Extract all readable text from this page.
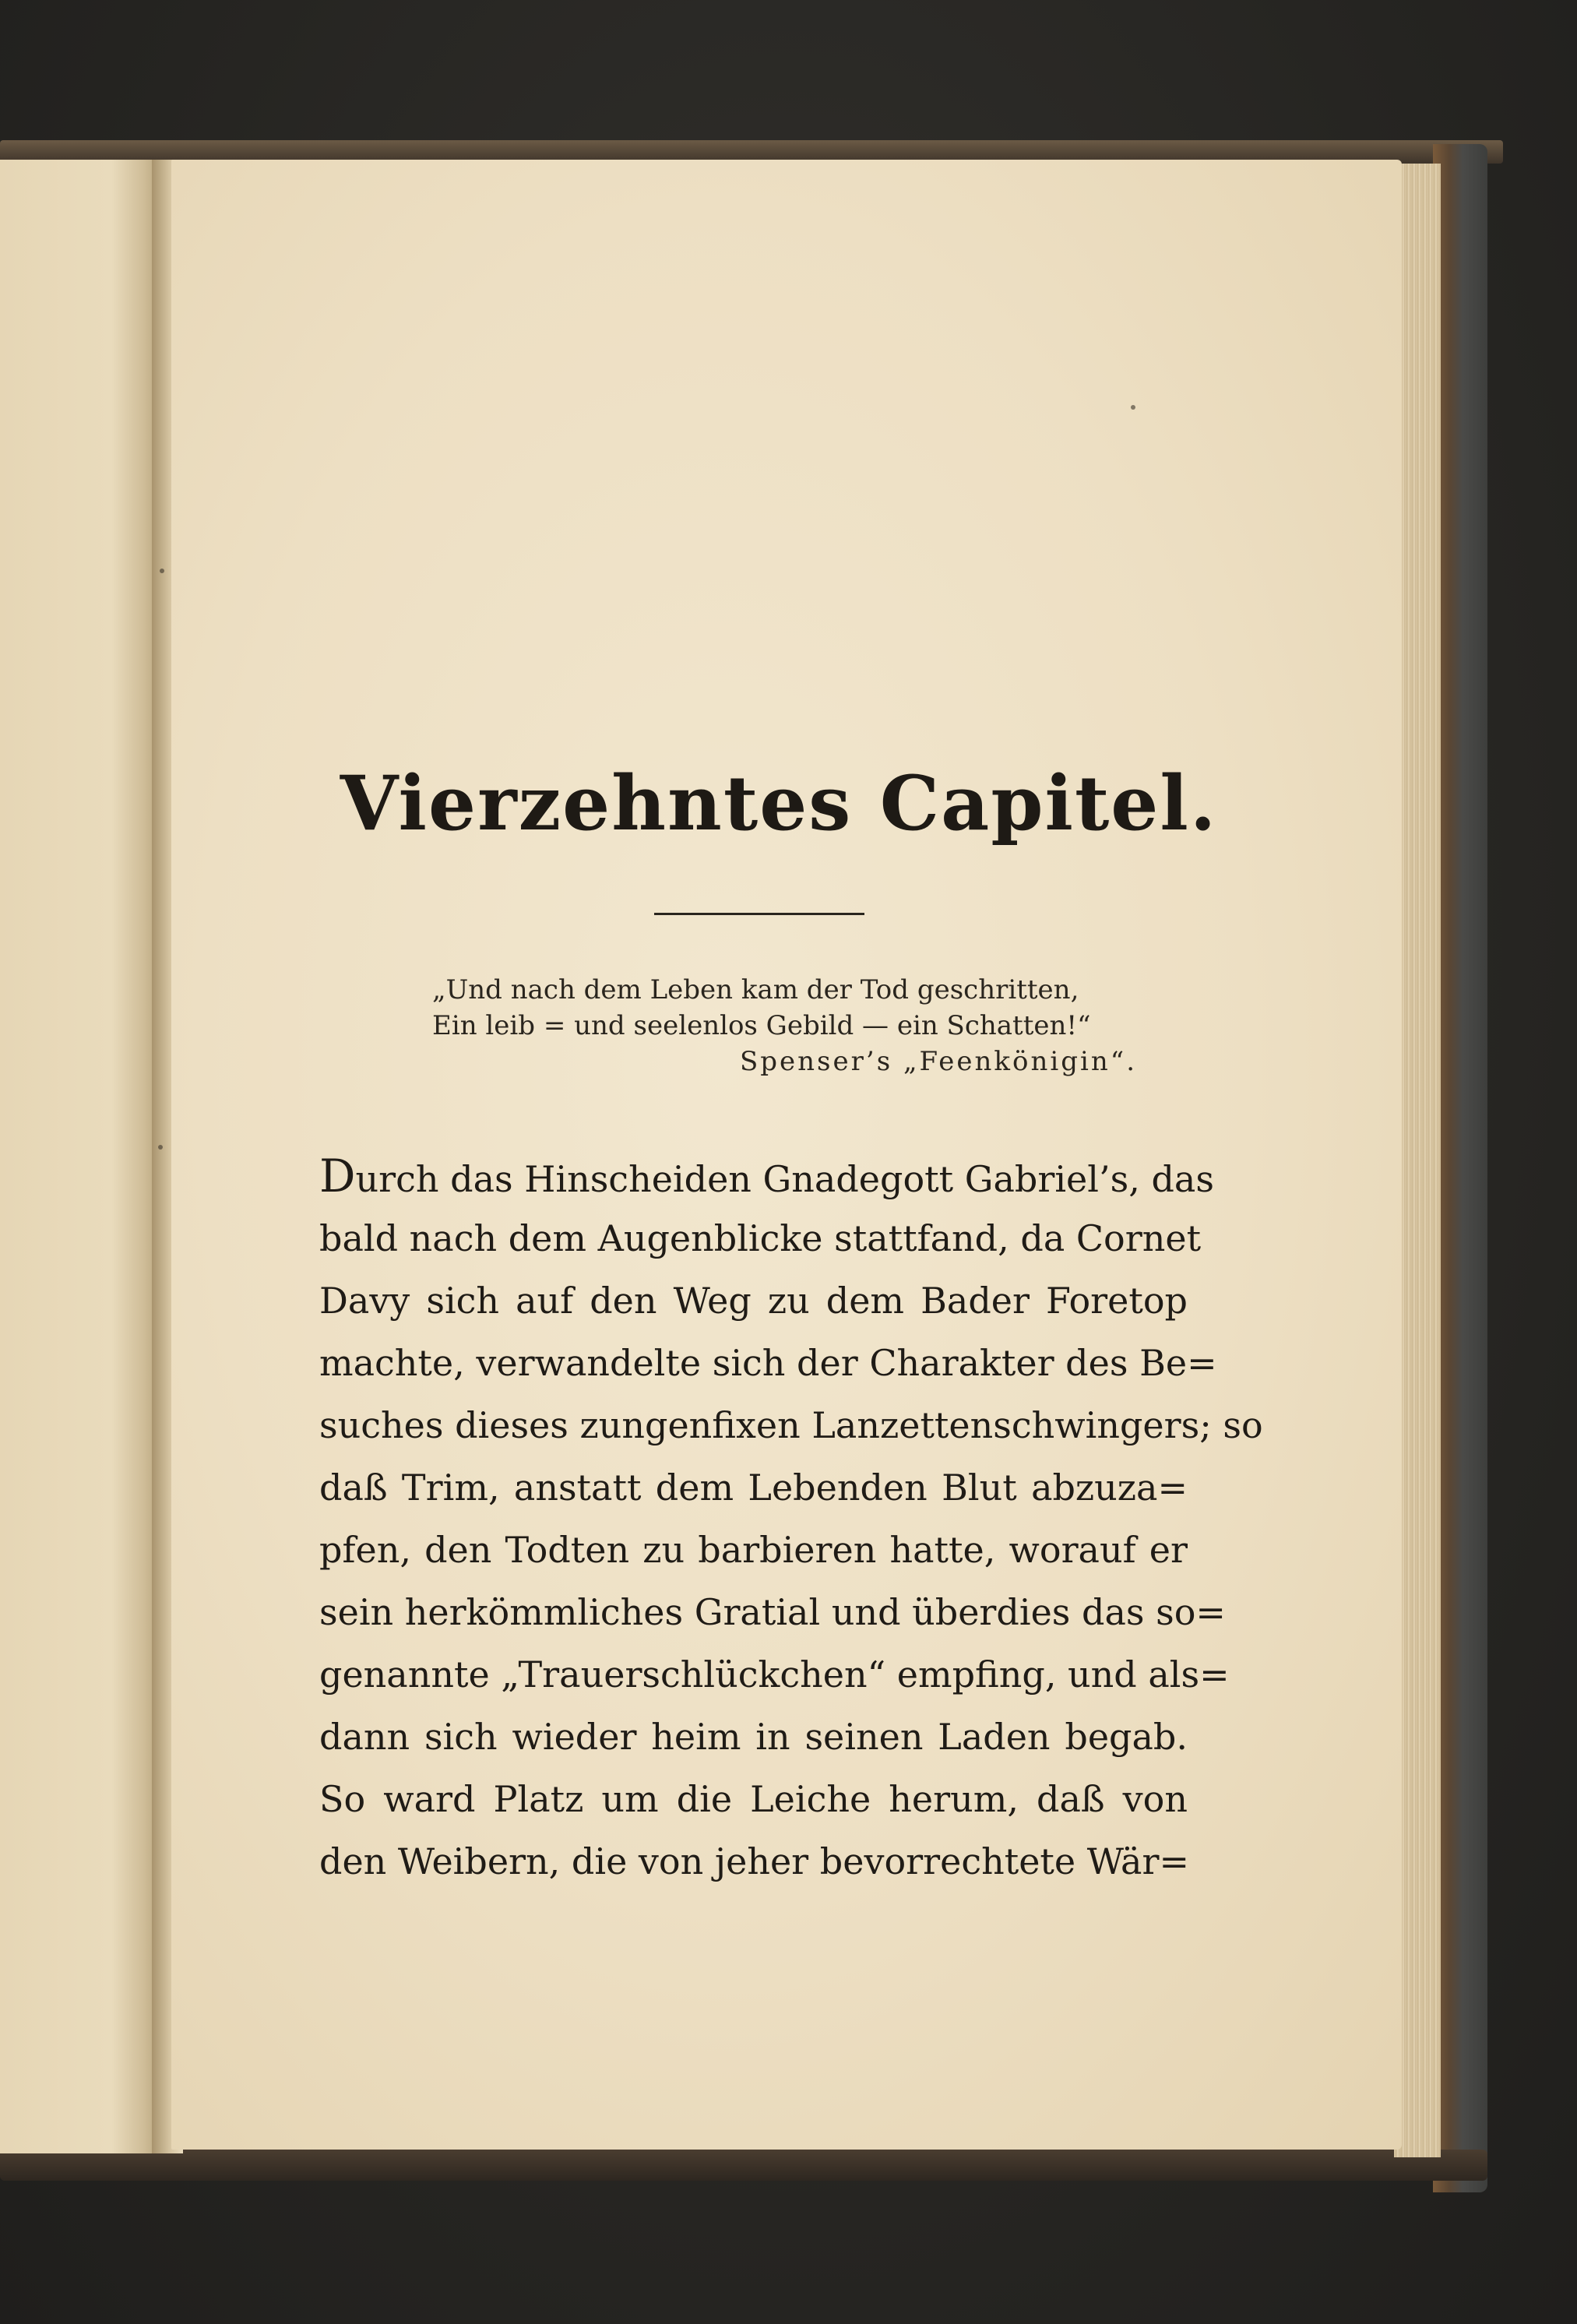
Vierzehntes Capitel.
„Und nach dem Leben kam der Tod geschritten,
Ein leib = und seelenlos Gebild — ein Schatten!“
Spenser’s „Feenkönigin“.
Durch das Hinscheiden Gnadegott Gabriel’s, das
bald nach dem Augenblicke stattfand, da Cornet
Davy sich auf den Weg zu dem Bader Foretop
machte, verwandelte sich der Charakter des Be=
suches dieses zungenfixen Lanzettenschwingers; so
daß Trim, anstatt dem Lebenden Blut abzuza=
pfen, den Todten zu barbieren hatte, worauf er
sein herkömmliches Gratial und überdies das so=
genannte „Trauerschlückchen“ empfing, und als=
dann sich wieder heim in seinen Laden begab.
So ward Platz um die Leiche herum, daß von
den Weibern, die von jeher bevorrechtete Wär=
